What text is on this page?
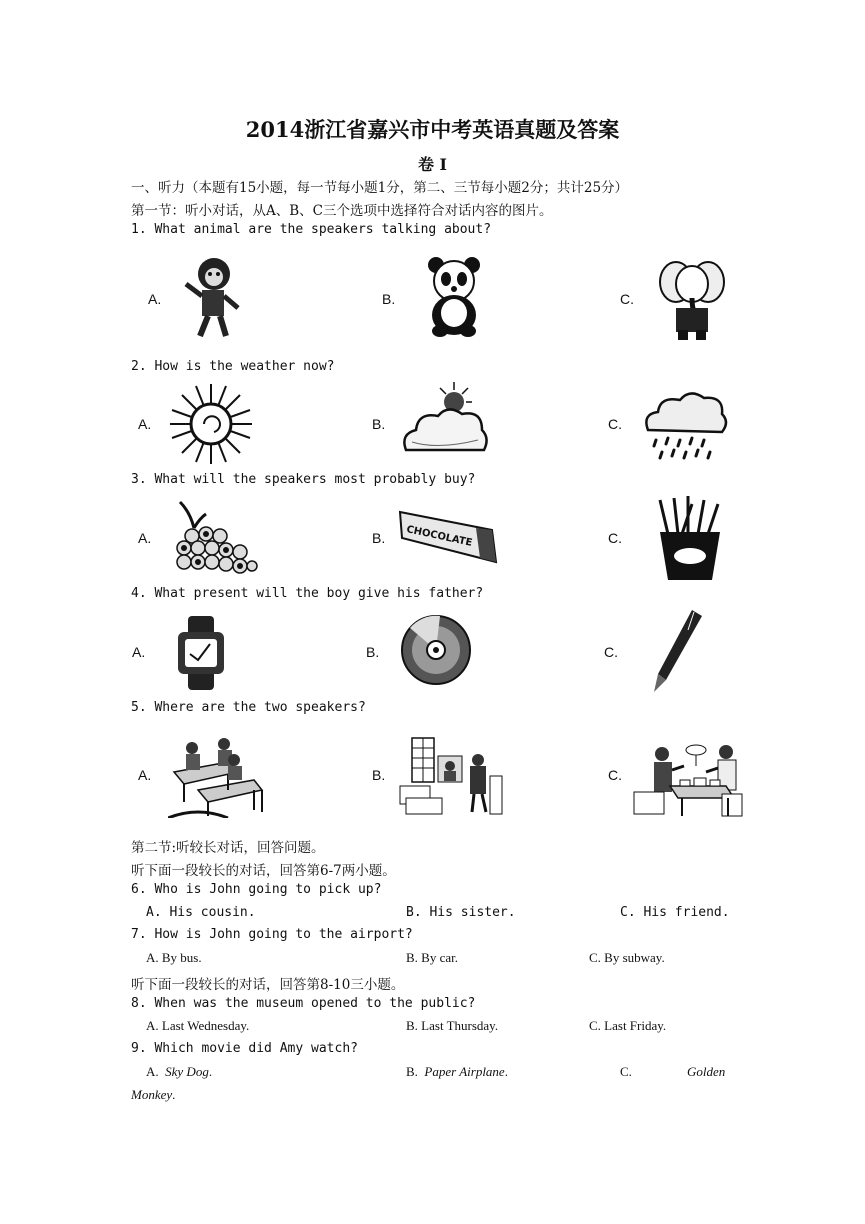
2014浙江省嘉兴市中考英语真题及答案
卷 I
一、听力（本题有15小题，每一节每小题1分，第二、三节每小题2分；共计25分）
第一节：听小对话，从A、B、C三个选项中选择符合对话内容的图片。
1. What animal are the speakers talking about?
A.	B.	C.
2. How is the weather now?
A.	B.	C.
3. What will the speakers most probably buy?
A.	B.	C.
CHOCOLATE
4. What present will the boy give his father?
A.	B.	C.
5. Where are the two speakers?
A.	B.	C.
第二节:听较长对话，回答问题。
听下面一段较长的对话，回答第6-7两小题。
6. Who is John going to pick up?
A. His cousin.	B. His sister.	C. His friend.
7. How is John going to the airport?
A. By bus.	B. By car.	C. By subway.
听下面一段较长的对话，回答第8-10三小题。
8. When was the museum opened to the public?
A. Last Wednesday.	B. Last Thursday.	C. Last Friday.
9. Which movie did Amy watch?
A. Sky Dog.	B. Paper Airplane.	C.	Golden
Monkey.
